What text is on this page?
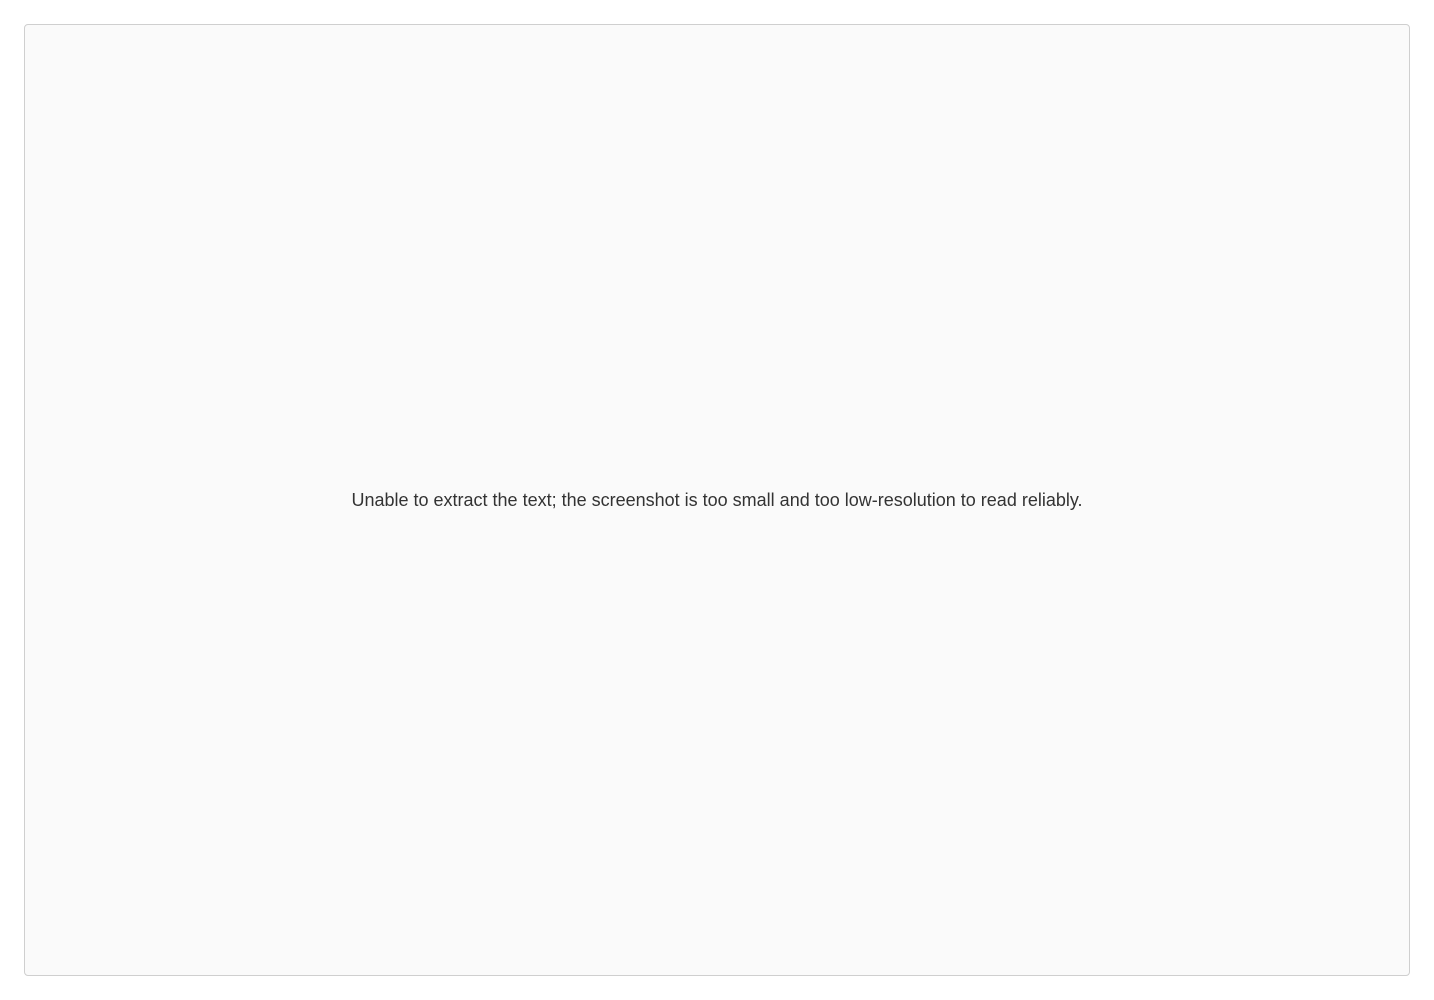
Unable to extract the text; the screenshot is too small and too low-resolution to read reliably.
